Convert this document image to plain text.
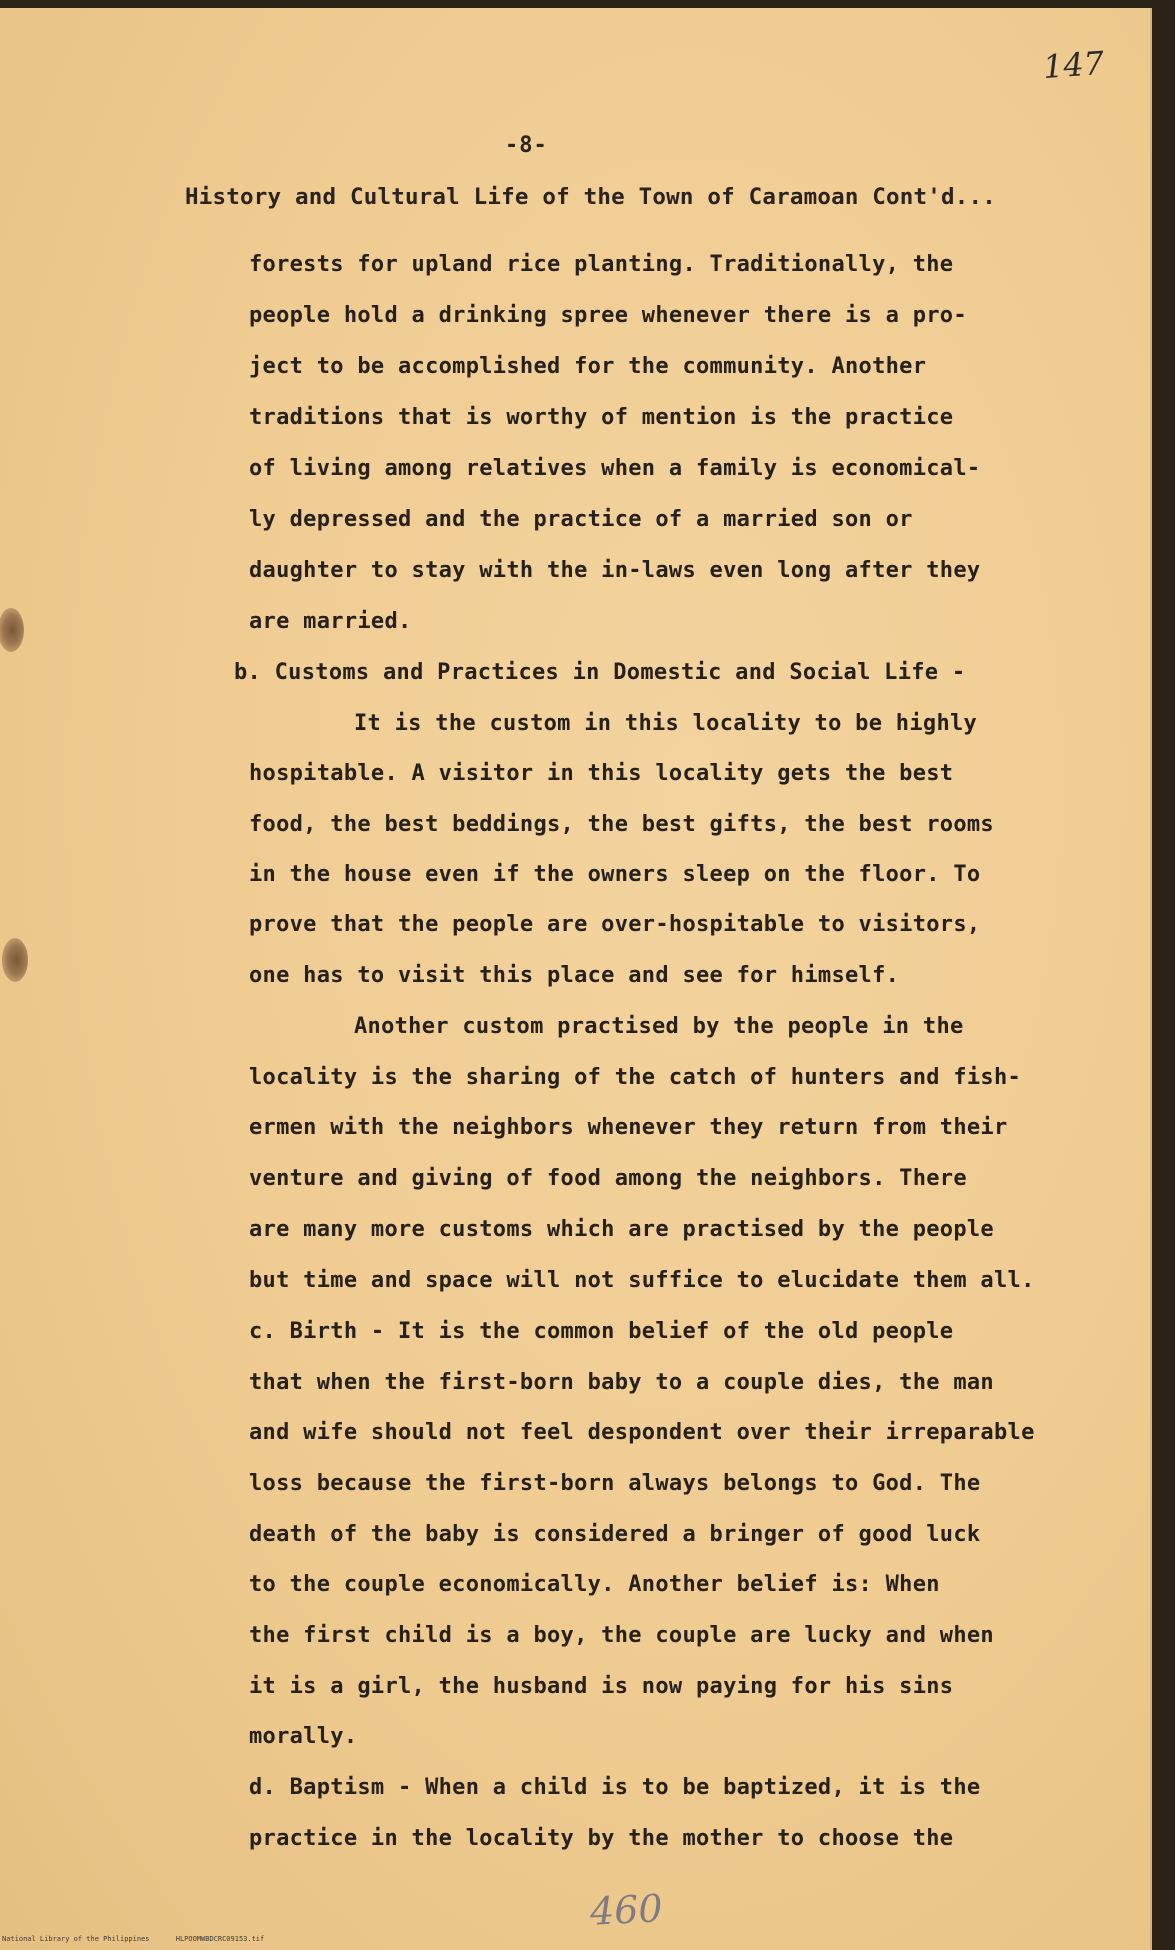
147
-8-
History and Cultural Life of the Town of Caramoan Cont'd...
forests for upland rice planting. Traditionally, the
people hold a drinking spree whenever there is a pro-
ject to be accomplished for the community. Another
traditions that is worthy of mention is the practice
of living among relatives when a family is economical-
ly depressed and the practice of a married son or
daughter to stay with the in-laws even long after they
are married.
b. Customs and Practices in Domestic and Social Life -
It is the custom in this locality to be highly
hospitable. A visitor in this locality gets the best
food, the best beddings, the best gifts, the best rooms
in the house even if the owners sleep on the floor. To
prove that the people are over-hospitable to visitors,
one has to visit this place and see for himself.
Another custom practised by the people in the
locality is the sharing of the catch of hunters and fish-
ermen with the neighbors whenever they return from their
venture and giving of food among the neighbors. There
are many more customs which are practised by the people
but time and space will not suffice to elucidate them all.
c. Birth - It is the common belief of the old people
that when the first-born baby to a couple dies, the man
and wife should not feel despondent over their irreparable
loss because the first-born always belongs to God. The
death of the baby is considered a bringer of good luck
to the couple economically. Another belief is: When
the first child is a boy, the couple are lucky and when
it is a girl, the husband is now paying for his sins
morally.
d. Baptism - When a child is to be baptized, it is the
practice in the locality by the mother to choose the
460
National Library of the Philippines	HLPOOMWBDCRC09153.tif
